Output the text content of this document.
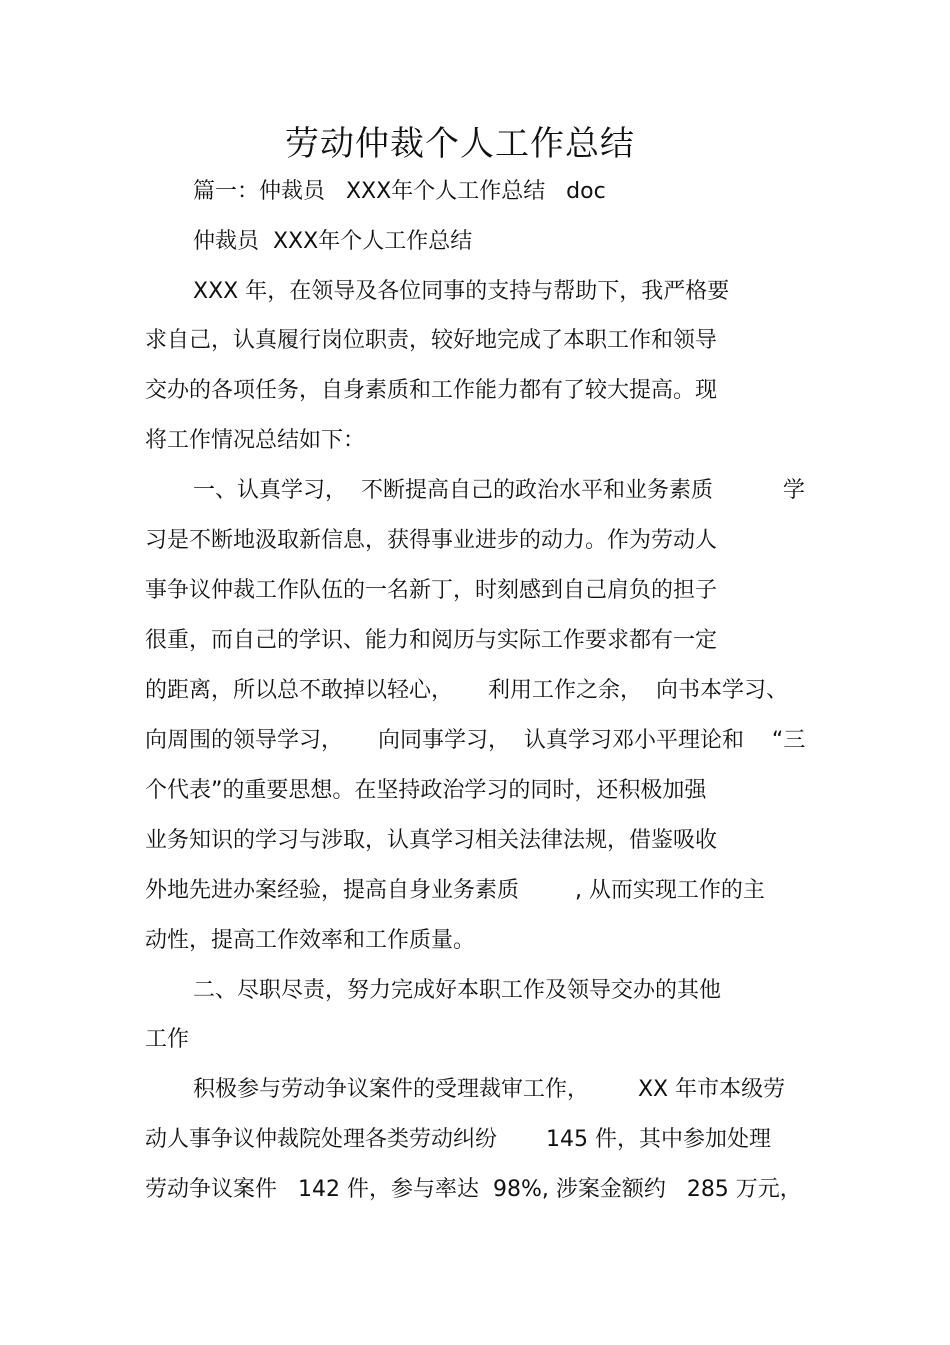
劳动仲裁个人工作总结
篇一：仲裁员   XXX年个人工作总结   doc
仲裁员  XXX年个人工作总结
XXX 年，在领导及各位同事的支持与帮助下，我严格要
求自己，认真履行岗位职责，较好地完成了本职工作和领导
交办的各项任务，自身素质和工作能力都有了较大提高。现
将工作情况总结如下：
一、认真学习，  不断提高自己的政治水平和业务素质          学
习是不断地汲取新信息，获得事业进步的动力。作为劳动人
事争议仲裁工作队伍的一名新丁，时刻感到自己肩负的担子
很重，而自己的学识、能力和阅历与实际工作要求都有一定
的距离，所以总不敢掉以轻心，     利用工作之余，  向书本学习、
向周围的领导学习，     向同事学习，  认真学习邓小平理论和    “三
个代表”的重要思想。在坚持政治学习的同时，还积极加强
业务知识的学习与涉取，认真学习相关法律法规，借鉴吸收
外地先进办案经验，提高自身业务素质        , 从而实现工作的主
动性，提高工作效率和工作质量。
二、尽职尽责，努力完成好本职工作及领导交办的其他
工作
积极参与劳动争议案件的受理裁审工作，       XX 年市本级劳
动人事争议仲裁院处理各类劳动纠纷       145 件，其中参加处理
劳动争议案件   142 件，参与率达  98%, 涉案金额约   285 万元，
